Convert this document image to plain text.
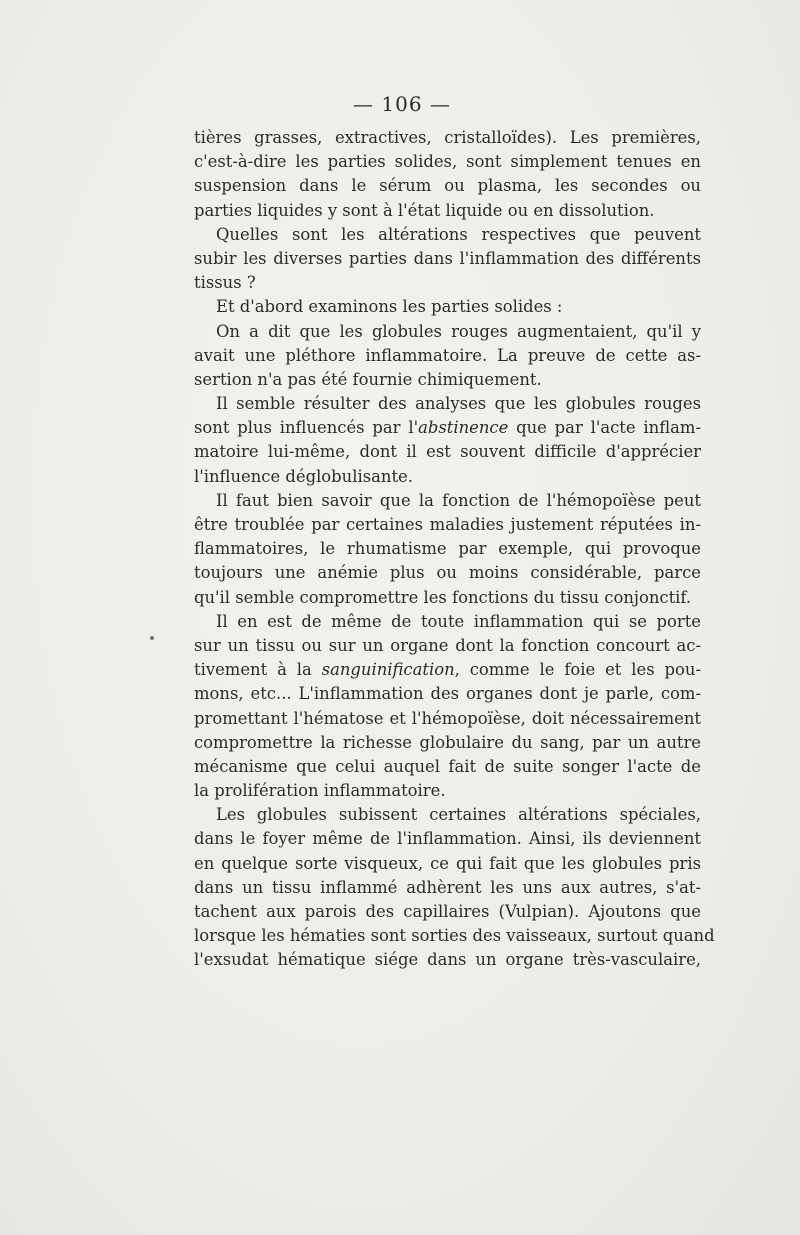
— 106 —
tières grasses, extractives, cristalloïdes). Les premières,
c'est-à-dire les parties solides, sont simplement tenues en
suspension dans le sérum ou plasma, les secondes ou
parties liquides y sont à l'état liquide ou en dissolution.
Quelles sont les altérations respectives que peuvent
subir les diverses parties dans l'inflammation des différents
tissus ?
Et d'abord examinons les parties solides :
On a dit que les globules rouges augmentaient, qu'il y
avait une pléthore inflammatoire. La preuve de cette as-
sertion n'a pas été fournie chimiquement.
Il semble résulter des analyses que les globules rouges
sont plus influencés par l'abstinence que par l'acte inflam-
matoire lui-même, dont il est souvent difficile d'apprécier
l'influence déglobulisante.
Il faut bien savoir que la fonction de l'hémopoïèse peut
être troublée par certaines maladies justement réputées in-
flammatoires, le rhumatisme par exemple, qui provoque
toujours une anémie plus ou moins considérable, parce
qu'il semble compromettre les fonctions du tissu conjonctif.
Il en est de même de toute inflammation qui se porte
sur un tissu ou sur un organe dont la fonction concourt ac-
tivement à la sanguinification, comme le foie et les pou-
mons, etc... L'inflammation des organes dont je parle, com-
promettant l'hématose et l'hémopoïèse, doit nécessairement
compromettre la richesse globulaire du sang, par un autre
mécanisme que celui auquel fait de suite songer l'acte de
la prolifération inflammatoire.
Les globules subissent certaines altérations spéciales,
dans le foyer même de l'inflammation. Ainsi, ils deviennent
en quelque sorte visqueux, ce qui fait que les globules pris
dans un tissu inflammé adhèrent les uns aux autres, s'at-
tachent aux parois des capillaires (Vulpian). Ajoutons que
lorsque les hématies sont sorties des vaisseaux, surtout quand
l'exsudat hématique siége dans un organe très-vasculaire,
